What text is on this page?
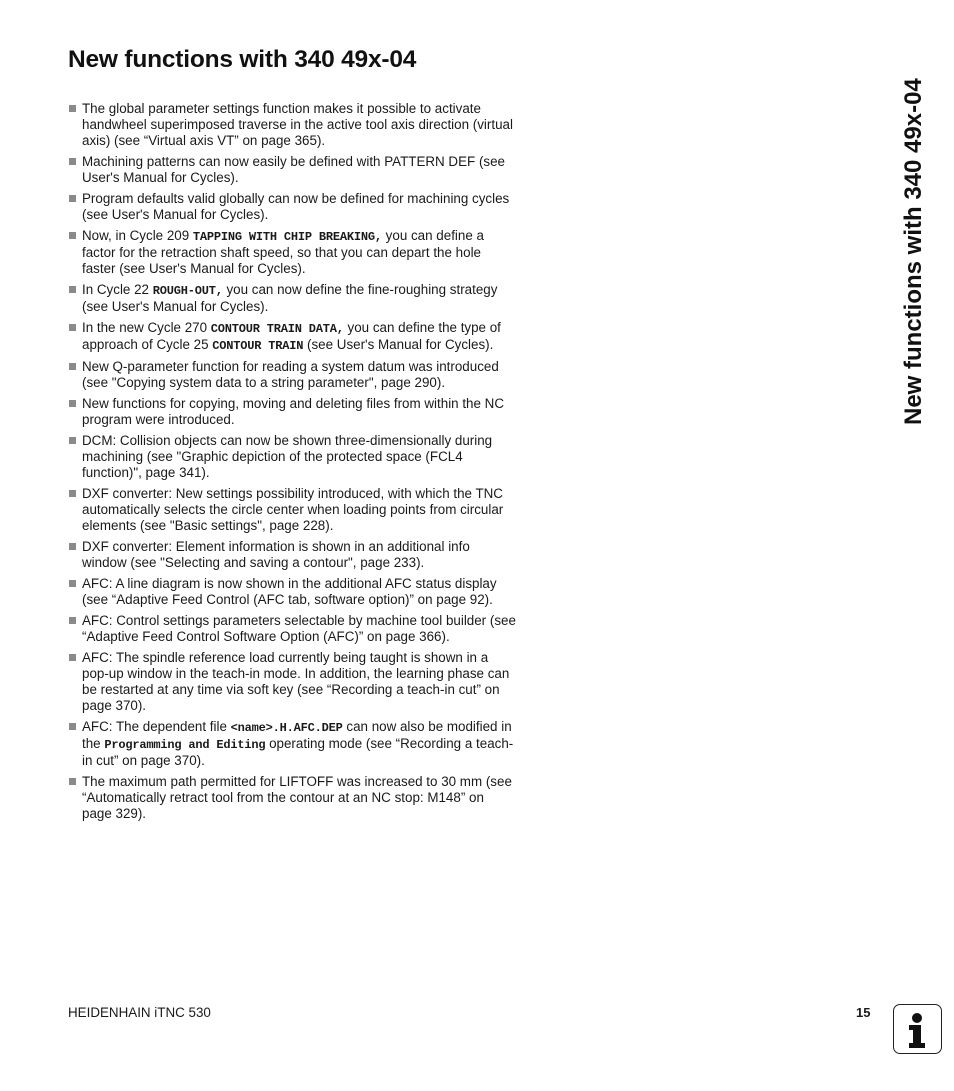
New functions with 340 49x-04
New functions with 340 49x-04
The global parameter settings function makes it possible to activate handwheel superimposed traverse in the active tool axis direction (virtual axis) (see “Virtual axis VT” on page 365).
Machining patterns can now easily be defined with PATTERN DEF (see User's Manual for Cycles).
Program defaults valid globally can now be defined for machining cycles (see User's Manual for Cycles).
Now, in Cycle 209 TAPPING WITH CHIP BREAKING, you can define a factor for the retraction shaft speed, so that you can depart the hole faster (see User's Manual for Cycles).
In Cycle 22 ROUGH-OUT, you can now define the fine-roughing strategy (see User's Manual for Cycles).
In the new Cycle 270 CONTOUR TRAIN DATA, you can define the type of approach of Cycle 25 CONTOUR TRAIN (see User's Manual for Cycles).
New Q-parameter function for reading a system datum was introduced (see "Copying system data to a string parameter", page 290).
New functions for copying, moving and deleting files from within the NC program were introduced.
DCM: Collision objects can now be shown three-dimensionally during machining (see "Graphic depiction of the protected space (FCL4 function)", page 341).
DXF converter: New settings possibility introduced, with which the TNC automatically selects the circle center when loading points from circular elements (see "Basic settings", page 228).
DXF converter: Element information is shown in an additional info window (see "Selecting and saving a contour", page 233).
AFC: A line diagram is now shown in the additional AFC status display (see “Adaptive Feed Control (AFC tab, software option)” on page 92).
AFC: Control settings parameters selectable by machine tool builder (see “Adaptive Feed Control Software Option (AFC)” on page 366).
AFC: The spindle reference load currently being taught is shown in a pop-up window in the teach-in mode. In addition, the learning phase can be restarted at any time via soft key (see “Recording a teach-in cut” on page 370).
AFC: The dependent file <name>.H.AFC.DEP can now also be modified in the Programming and Editing operating mode (see “Recording a teach-in cut” on page 370).
The maximum path permitted for LIFTOFF was increased to 30 mm (see “Automatically retract tool from the contour at an NC stop: M148” on page 329).
HEIDENHAIN iTNC 530	15
